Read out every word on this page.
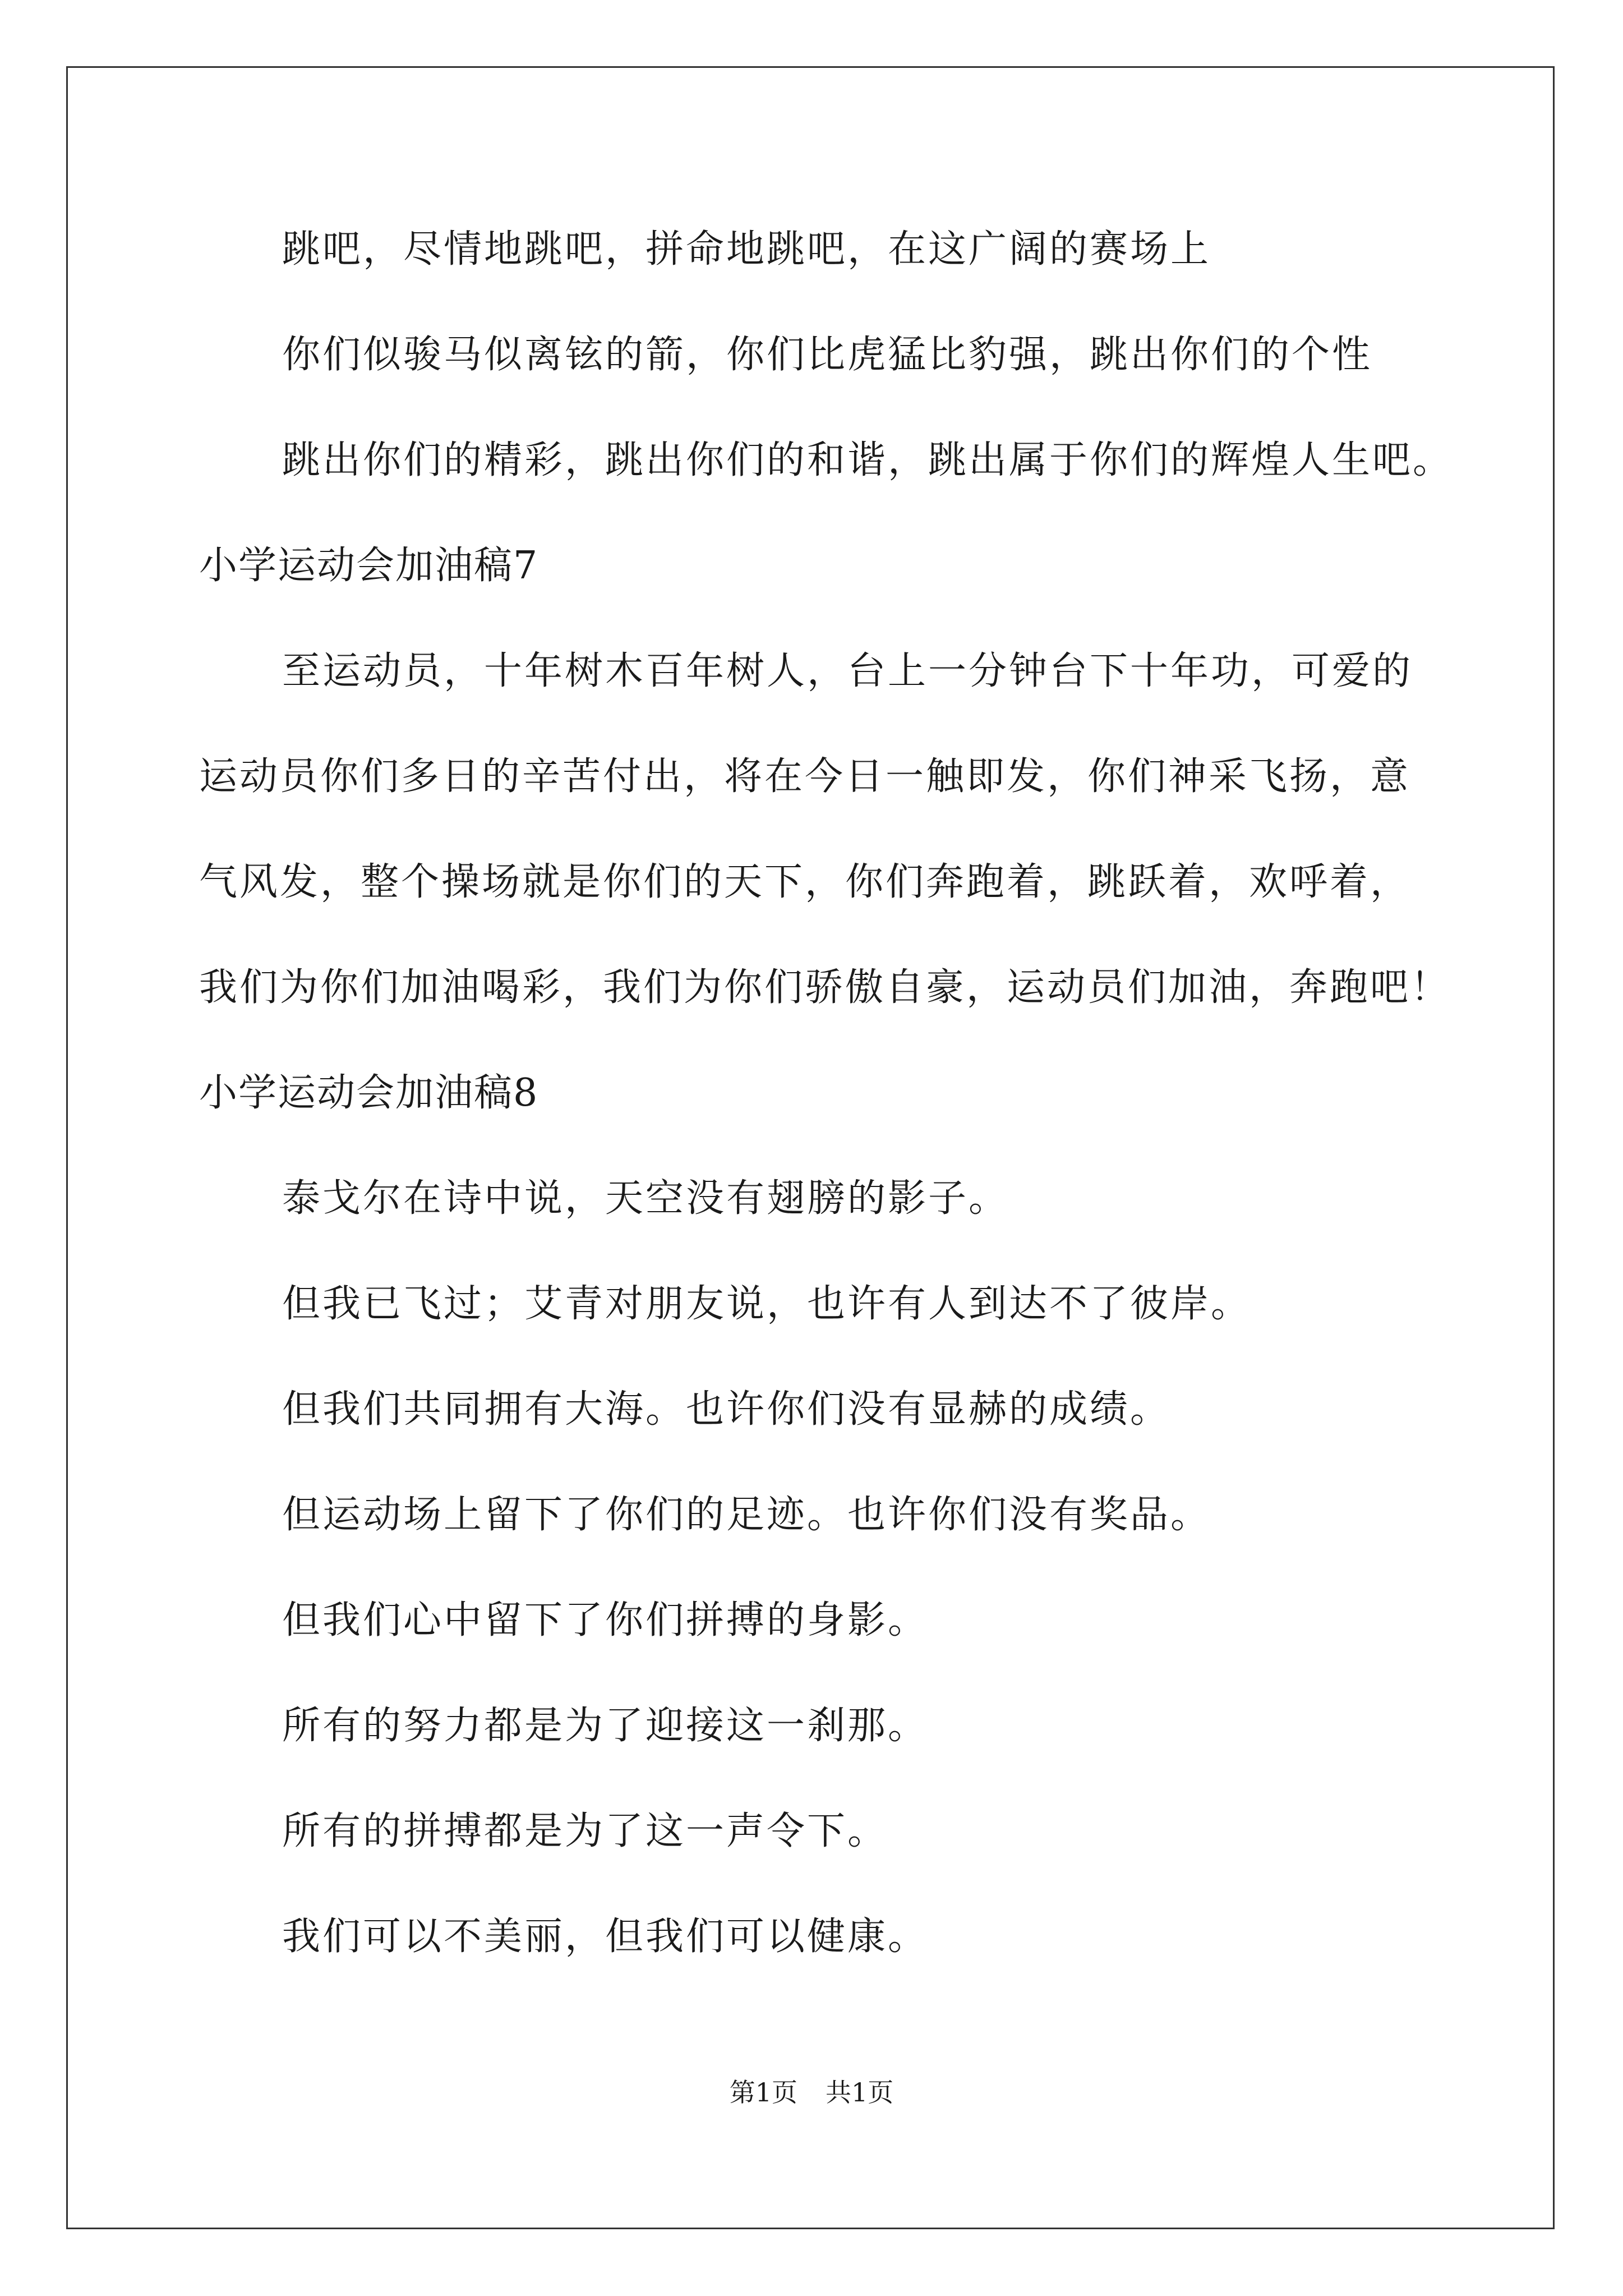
跳吧，尽情地跳吧，拼命地跳吧，在这广阔的赛场上
你们似骏马似离铉的箭，你们比虎猛比豹强，跳出你们的个性
跳出你们的精彩，跳出你们的和谐，跳出属于你们的辉煌人生吧。
小学运动会加油稿7
至运动员，十年树木百年树人，台上一分钟台下十年功，可爱的
运动员你们多日的辛苦付出，将在今日一触即发，你们神采飞扬，意
气风发，整个操场就是你们的天下，你们奔跑着，跳跃着，欢呼着，
我们为你们加油喝彩，我们为你们骄傲自豪，运动员们加油，奔跑吧！
小学运动会加油稿8
泰戈尔在诗中说，天空没有翅膀的影子。
但我已飞过；艾青对朋友说，也许有人到达不了彼岸。
但我们共同拥有大海。也许你们没有显赫的成绩。
但运动场上留下了你们的足迹。也许你们没有奖品。
但我们心中留下了你们拼搏的身影。
所有的努力都是为了迎接这一刹那。
所有的拼搏都是为了这一声令下。
我们可以不美丽，但我们可以健康。
第1页 共1页
